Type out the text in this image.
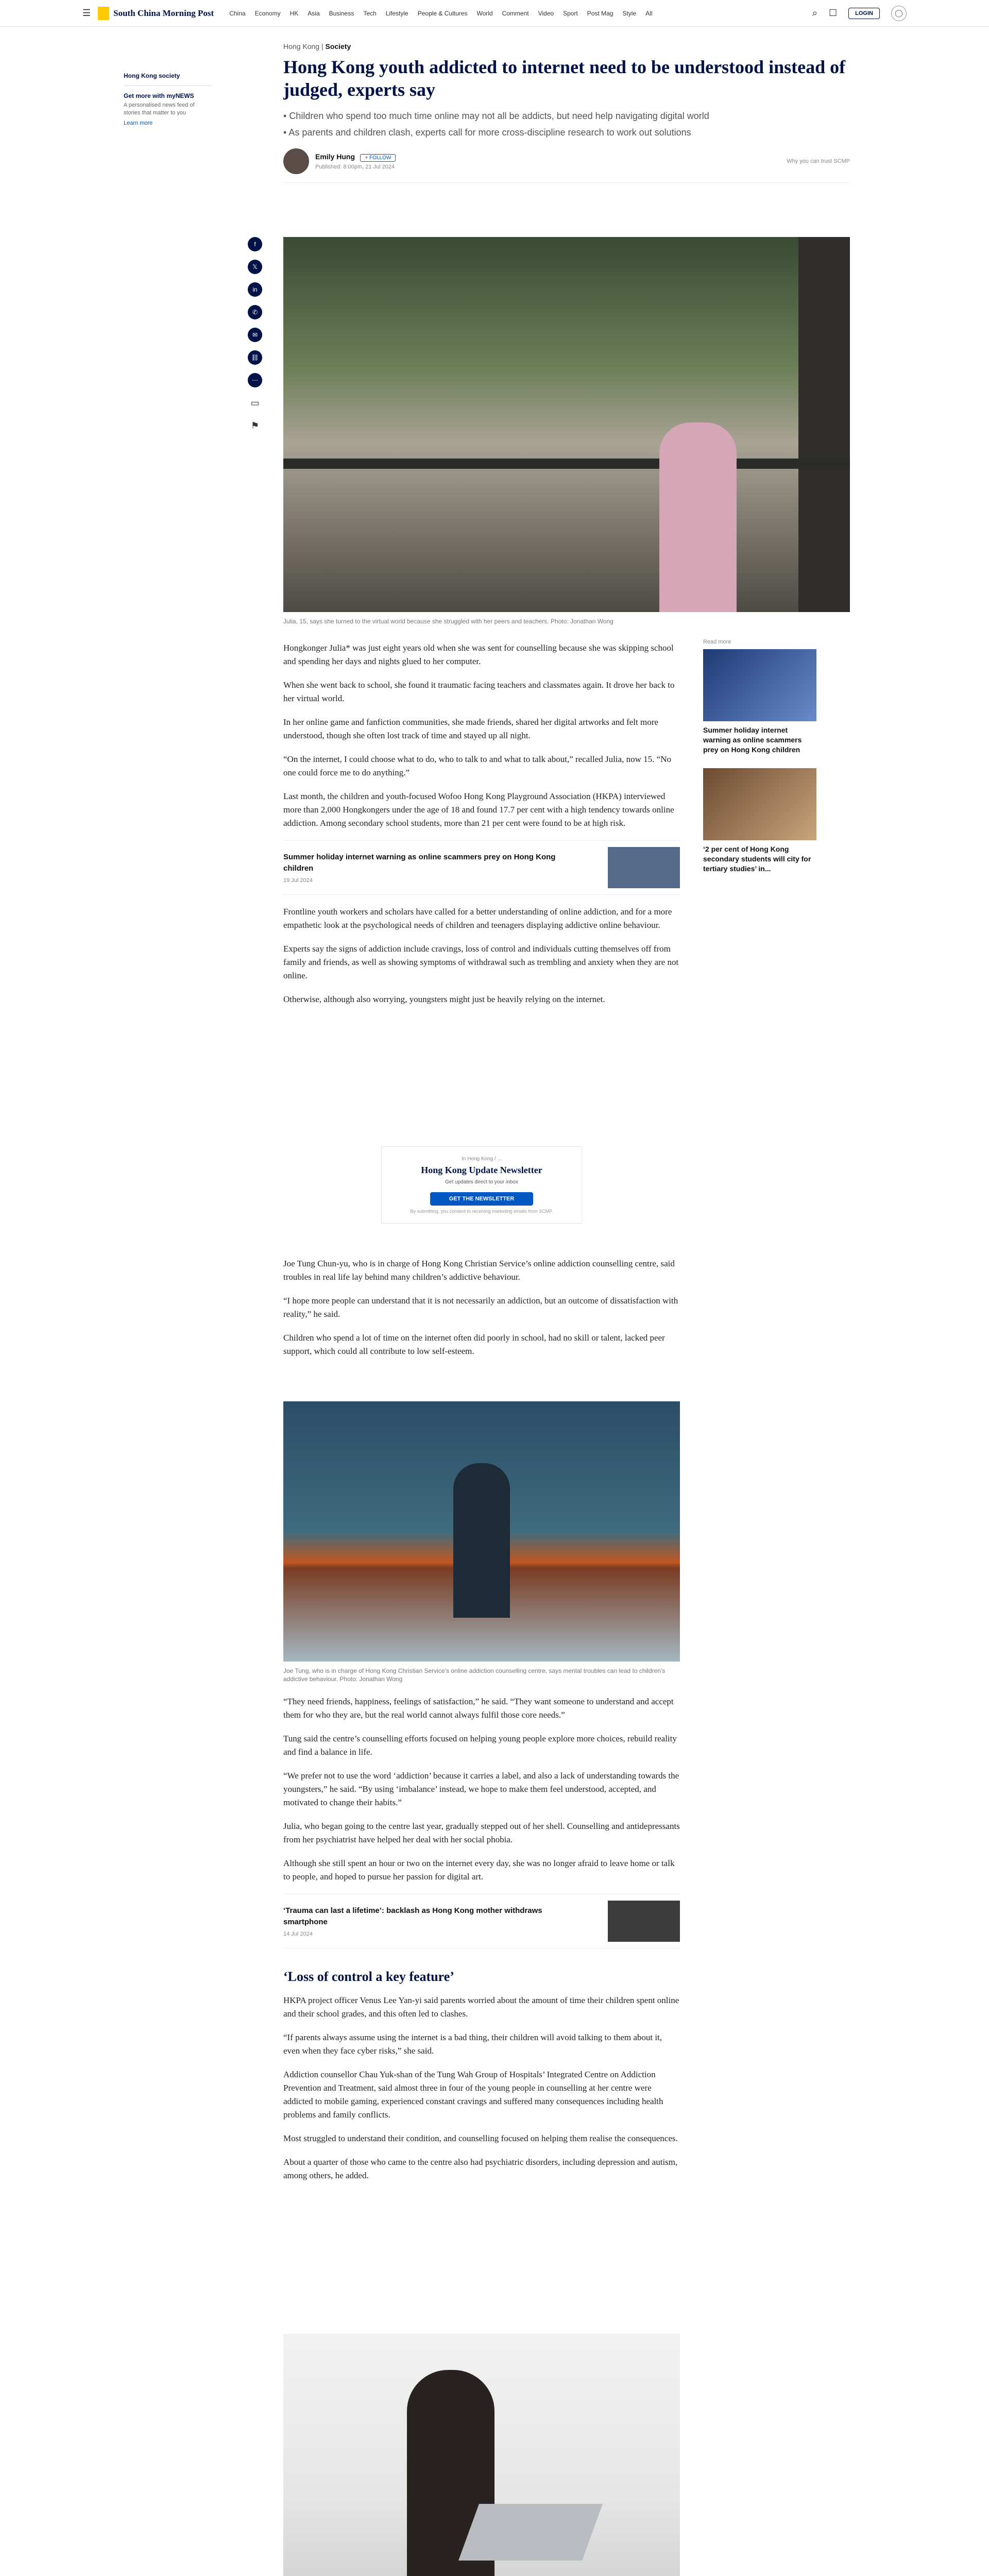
☰	South China Morning Post	China Economy HK Asia Business Tech Lifestyle People & Cultures World Comment Video Sport Post Mag Style All	⌕ ☐	LOGIN	◯
Hong Kong society
Get more with myNEWS
A personalised news feed of stories that matter to you
Learn more
Hong Kong | Society
Hong Kong youth addicted to internet need to be understood instead of judged, experts say
• Children who spend too much time online may not all be addicts, but need help navigating digital world
• As parents and children clash, experts call for more cross-discipline research to work out solutions
Emily Hung + FOLLOW
Published: 8:00pm, 21 Jul 2024
Why you can trust SCMP
f
𝕏
in
✆
✉
⛓
⋯
▭
⚑
Julia, 15, says she turned to the virtual world because she struggled with her peers and teachers. Photo: Jonathan Wong
Read more
Summer holiday internet warning as online scammers prey on Hong Kong children
‘2 per cent of Hong Kong secondary students will city for tertiary studies’ in...

Hongkonger Julia* was just eight years old when she was sent for counselling because she was skipping school and spending her days and nights glued to her computer.

When she went back to school, she found it traumatic facing teachers and classmates again. It drove her back to her virtual world.

In her online game and fanfiction communities, she made friends, shared her digital artworks and felt more understood, though she often lost track of time and stayed up all night.

“On the internet, I could choose what to do, who to talk to and what to talk about,” recalled Julia, now 15. “No one could force me to do anything.”

Last month, the children and youth-focused Wofoo Hong Kong Playground Association (HKPA) interviewed more than 2,000 Hongkongers under the age of 18 and found 17.7 per cent with a high tendency towards online addiction. Among secondary school students, more than 21 per cent were found to be at high risk.

Summer holiday internet warning as online scammers prey on Hong Kong children
19 Jul 2024

Frontline youth workers and scholars have called for a better understanding of online addiction, and for a more empathetic look at the psychological needs of children and teenagers displaying addictive online behaviour.

Experts say the signs of addiction include cravings, loss of control and individuals cutting themselves off from family and friends, as well as showing symptoms of withdrawal such as trembling and anxiety when they are not online.

Otherwise, although also worrying, youngsters might just be heavily relying on the internet.

In Hong Kong / ...
Hong Kong Update Newsletter
Get updates direct to your inbox
GET THE NEWSLETTER
By submitting, you consent to receiving marketing emails from SCMP.

Joe Tung Chun-yu, who is in charge of Hong Kong Christian Service’s online addiction counselling centre, said troubles in real life lay behind many children’s addictive behaviour.

“I hope more people can understand that it is not necessarily an addiction, but an outcome of dissatisfaction with reality,” he said.

Children who spend a lot of time on the internet often did poorly in school, had no skill or talent, lacked peer support, which could all contribute to low self-esteem.

Joe Tung, who is in charge of Hong Kong Christian Service’s online addiction counselling centre, says mental troubles can lead to children’s addictive behaviour. Photo: Jonathan Wong

“They need friends, happiness, feelings of satisfaction,” he said. “They want someone to understand and accept them for who they are, but the real world cannot always fulfil those core needs.”

Tung said the centre’s counselling efforts focused on helping young people explore more choices, rebuild reality and find a balance in life.

“We prefer not to use the word ‘addiction’ because it carries a label, and also a lack of understanding towards the youngsters,” he said. “By using ‘imbalance’ instead, we hope to make them feel understood, accepted, and motivated to change their habits.”

Julia, who began going to the centre last year, gradually stepped out of her shell. Counselling and antidepressants from her psychiatrist have helped her deal with her social phobia.

Although she still spent an hour or two on the internet every day, she was no longer afraid to leave home or talk to people, and hoped to pursue her passion for digital art.

‘Trauma can last a lifetime’: backlash as Hong Kong mother withdraws smartphone
14 Jul 2024
‘Loss of control a key feature’

HKPA project officer Venus Lee Yan-yi said parents worried about the amount of time their children spent online and their school grades, and this often led to clashes.

“If parents always assume using the internet is a bad thing, their children will avoid talking to them about it, even when they face cyber risks,” she said.

Addiction counsellor Chau Yuk-shan of the Tung Wah Group of Hospitals’ Integrated Centre on Addiction Prevention and Treatment, said almost three in four of the young people in counselling at her centre were addicted to mobile gaming, experienced constant cravings and suffered many consequences including health problems and family conflicts.

Most struggled to understand their condition, and counselling focused on helping them realise the consequences.

About a quarter of those who came to the centre also had psychiatric disorders, including depression and autism, among others, he added.
